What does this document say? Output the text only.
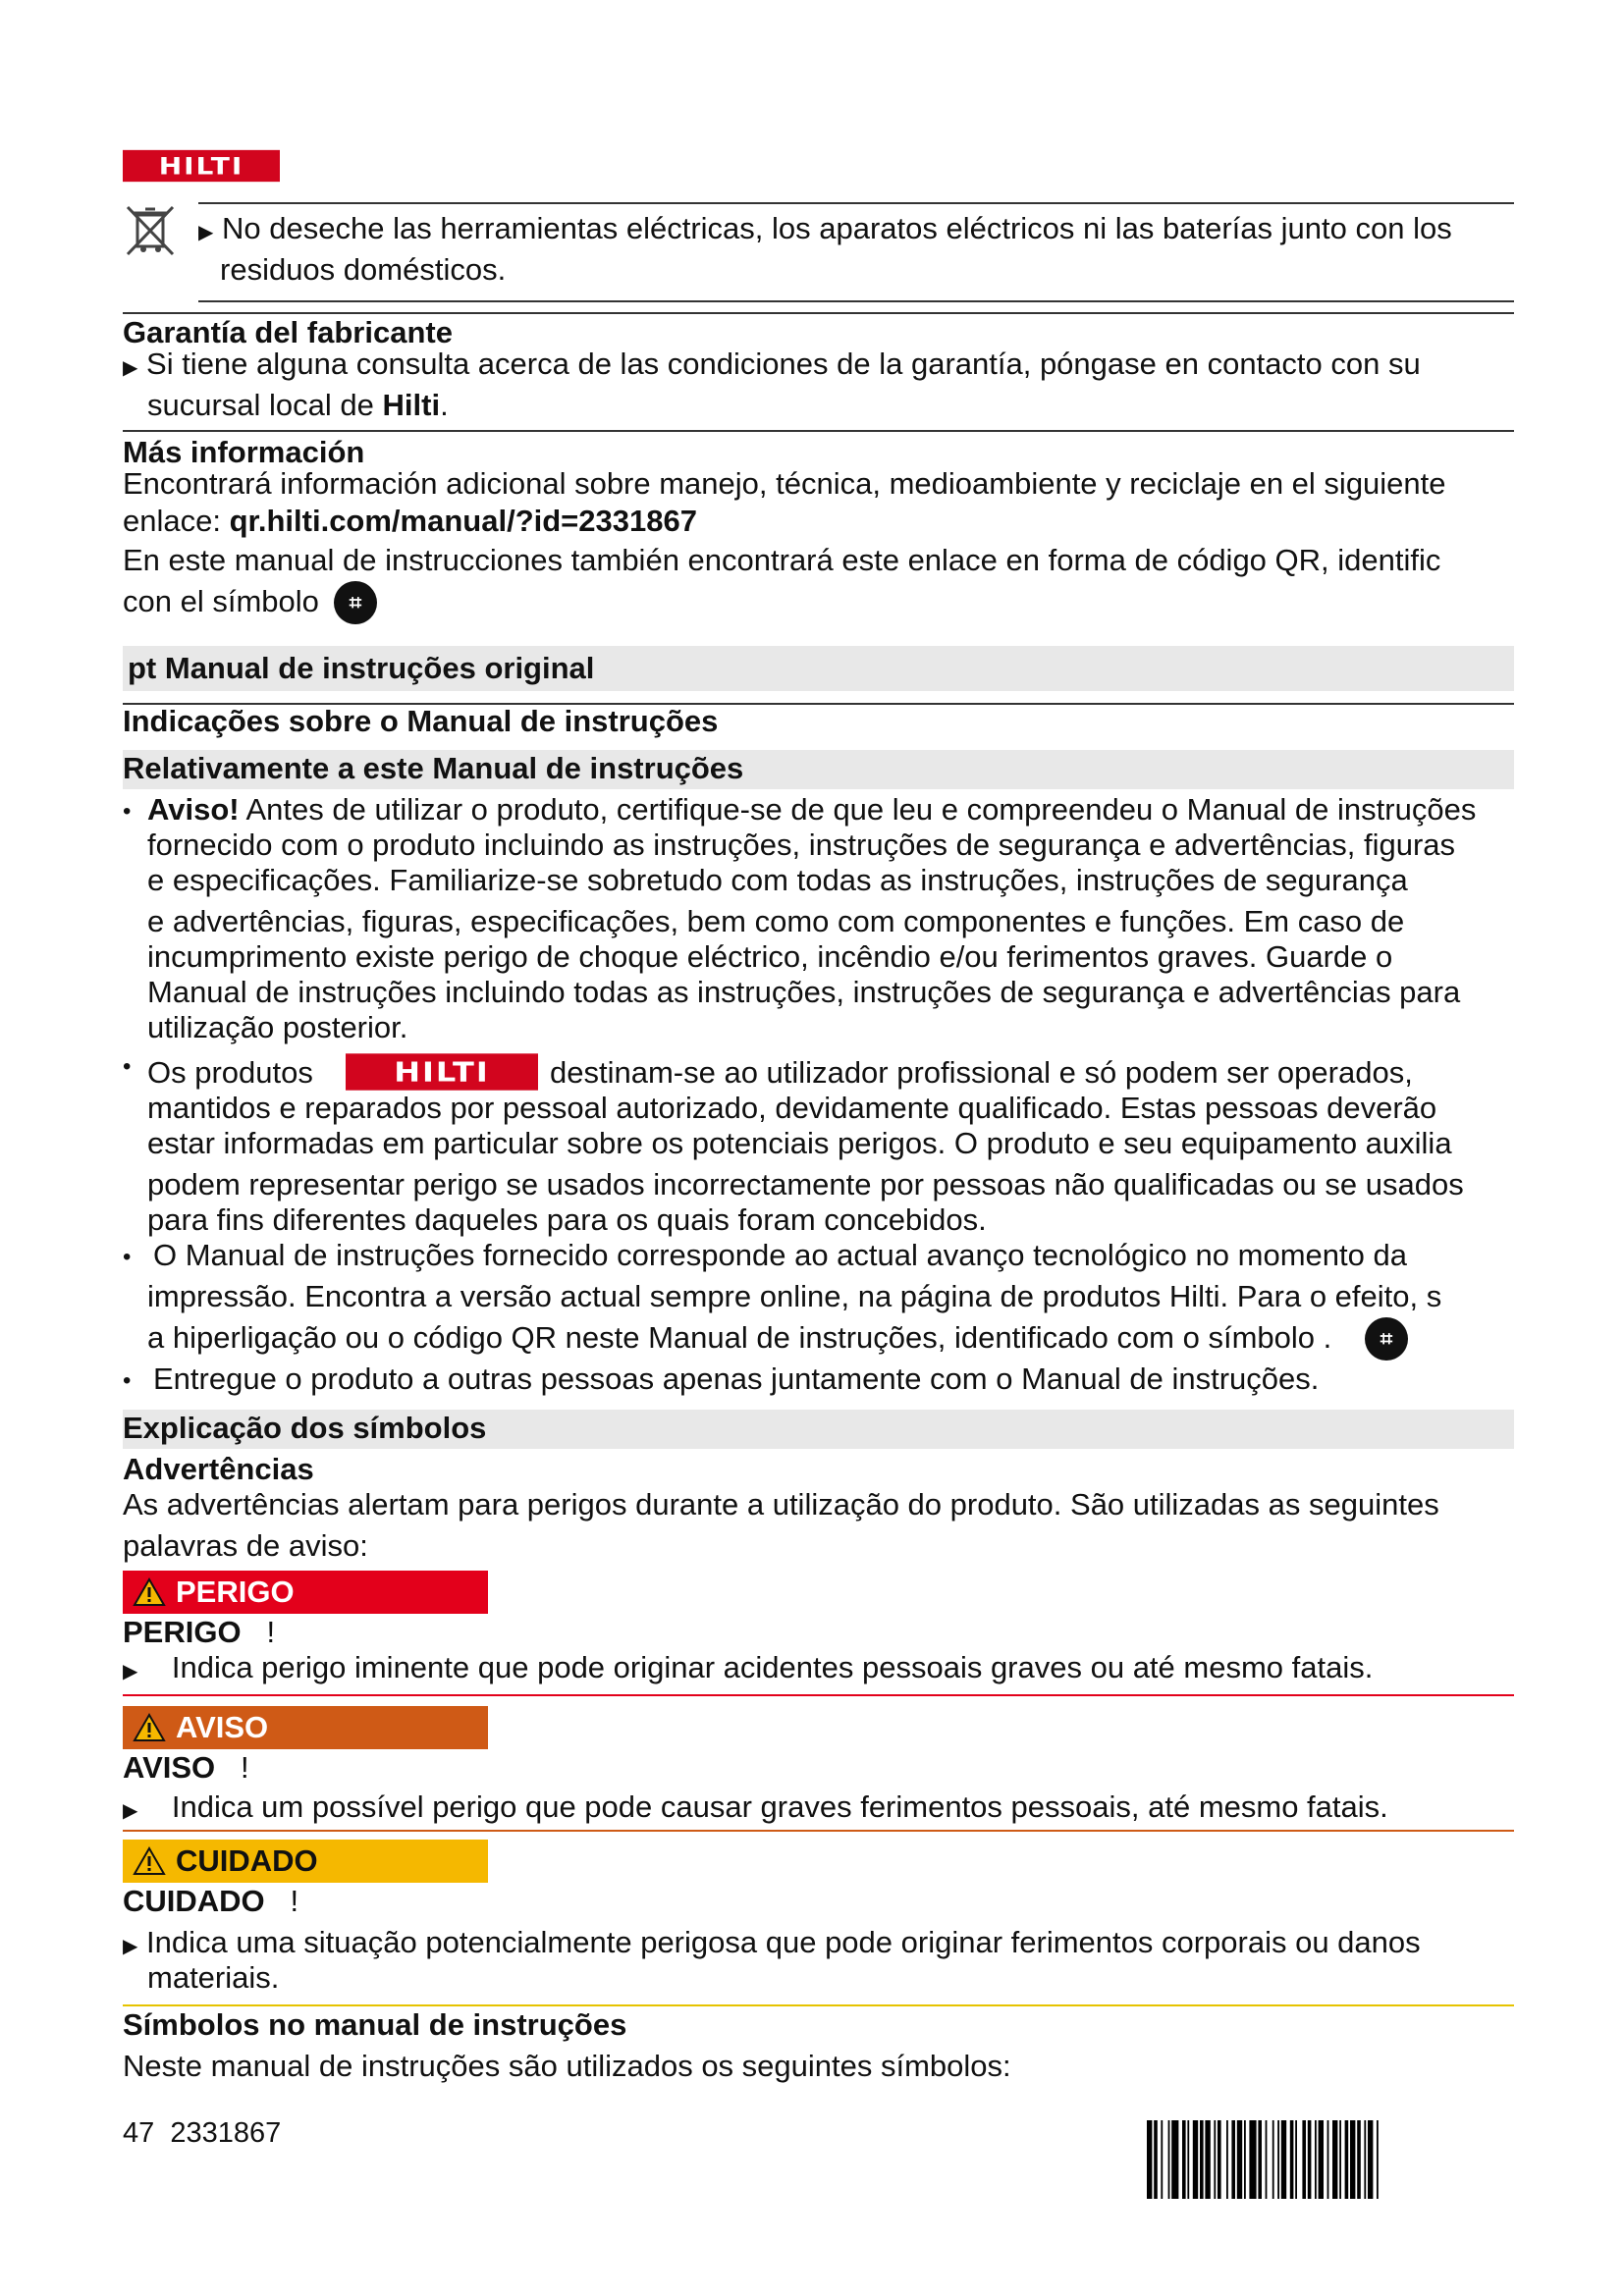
HILTI
▶ No deseche las herramientas eléctricas, los aparatos eléctricos ni las baterías junto con los
residuos domésticos.
Garantía del fabricante
▶ Si tiene alguna consulta acerca de las condiciones de la garantía, póngase en contacto con su
sucursal local de Hilti.
Más información
Encontrará información adicional sobre manejo, técnica, medioambiente y reciclaje en el siguiente
enlace: qr.hilti.com/manual/?id=2331867
En este manual de instrucciones también encontrará este enlace en forma de código QR, identific
con el símbolo	⌗
pt Manual de instruções original
Indicações sobre o Manual de instruções
Relativamente a este Manual de instruções
• Aviso! Antes de utilizar o produto, certifique-se de que leu e compreendeu o Manual de instruções
fornecido com o produto incluindo as instruções, instruções de segurança e advertências, figuras
e especificações. Familiarize-se sobretudo com todas as instruções, instruções de segurança
e advertências, figuras, especificações, bem como com componentes e funções. Em caso de
incumprimento existe perigo de choque eléctrico, incêndio e/ou ferimentos graves. Guarde o
Manual de instruções incluindo todas as instruções, instruções de segurança e advertências para
utilização posterior.
• Os produtos	HILTI	destinam-se ao utilizador profissional e só podem ser operados,
mantidos e reparados por pessoal autorizado, devidamente qualificado. Estas pessoas deverão
estar informadas em particular sobre os potenciais perigos. O produto e seu equipamento auxilia
podem representar perigo se usados incorrectamente por pessoas não qualificadas ou se usados
para fins diferentes daqueles para os quais foram concebidos.
• O Manual de instruções fornecido corresponde ao actual avanço tecnológico no momento da
impressão. Encontra a versão actual sempre online, na página de produtos Hilti. Para o efeito, s
a hiperligação ou o código QR neste Manual de instruções, identificado com o símbolo .	⌗
• Entregue o produto a outras pessoas apenas juntamente com o Manual de instruções.
Explicação dos símbolos
Advertências
As advertências alertam para perigos durante a utilização do produto. São utilizadas as seguintes
palavras de aviso:
PERIGO
PERIGO !
▶ Indica perigo iminente que pode originar acidentes pessoais graves ou até mesmo fatais.
AVISO
AVISO !
▶ Indica um possível perigo que pode causar graves ferimentos pessoais, até mesmo fatais.
CUIDADO
CUIDADO !
▶ Indica uma situação potencialmente perigosa que pode originar ferimentos corporais ou danos
materiais.
Símbolos no manual de instruções
Neste manual de instruções são utilizados os seguintes símbolos:
47 2331867
